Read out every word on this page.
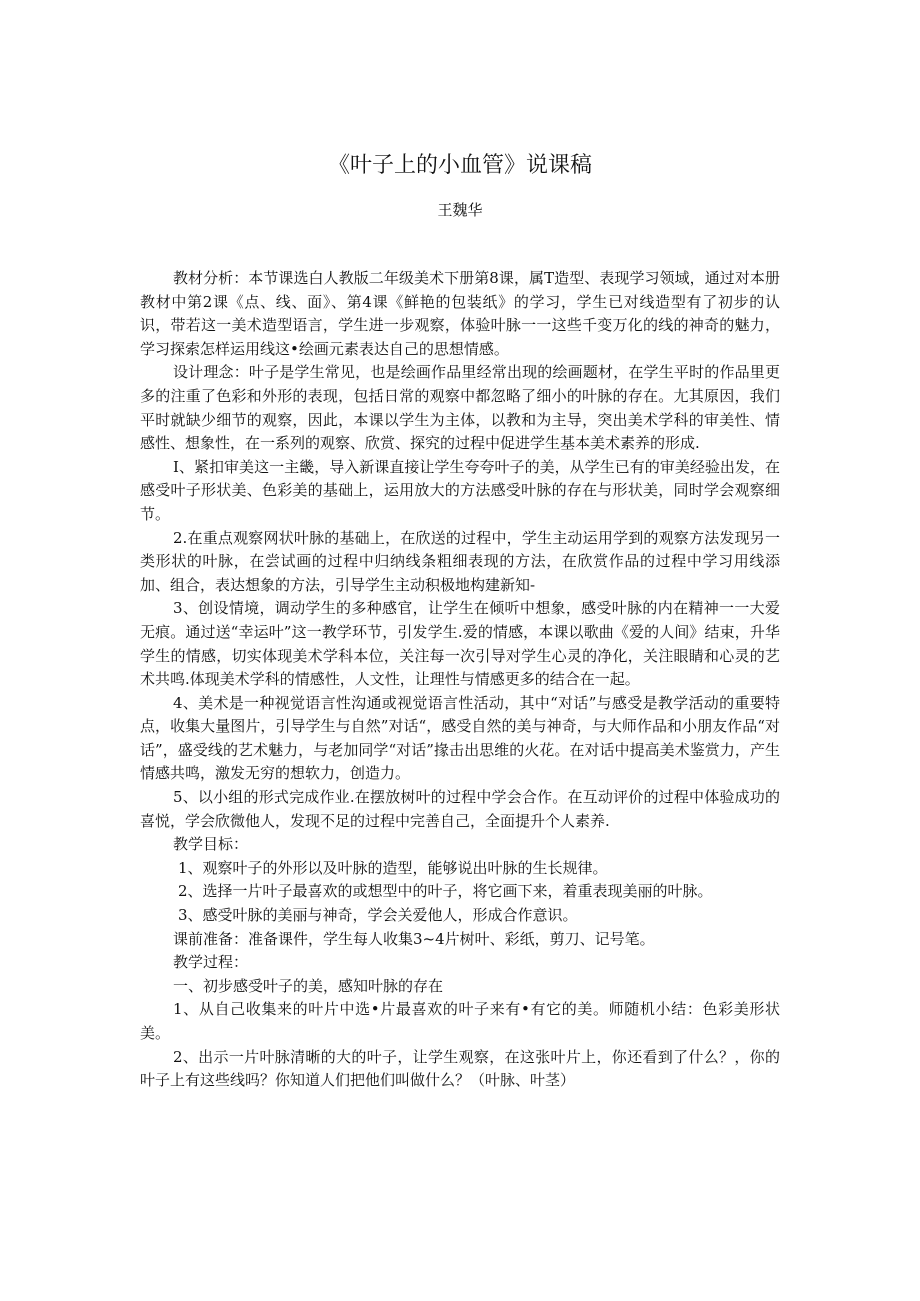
《叶子上的小血管》说课稿
王魏华

教材分析：本节课选白人教版二年级美术下册第8课，属T造型、表现学习领域，通过对本册教材中第2课《点、线、面》、第4课《鲜艳的包装纸》的学习，学生已对线造型有了初步的认识，带若这一美术造型语言，学生进一步观察，体验叶脉一一这些千变万化的线的神奇的魅力，学习探索怎样运用线这•绘画元素表达自己的思想情感。

设计理念：叶子是学生常见，也是绘画作品里经常出现的绘画题材，在学生平时的作品里更多的注重了色彩和外形的表现，包括日常的观察中都忽略了细小的叶脉的存在。尢其原因，我们平时就缺少细节的观察，因此，本课以学生为主体，以教和为主导，突出美术学科的审美性、情感性、想象性，在一系列的观察、欣赏、探究的过程中促进学生基本美术素养的形成.

I、紧扣审美这一主畿，导入新课直接让学生夸夸叶子的美，从学生已有的审美经验出发，在感受叶子形状美、色彩美的基础上，运用放大的方法感受叶脉的存在与形状美，同时学会观察细节。

2.在重点观察网状叶脉的基础上，在欣送的过程中，学生主动运用学到的观察方法发现另一类形状的叶脉，在尝试画的过程中归纳线条粗细表现的方法，在欣赏作品的过程中学习用线添加、组合，表达想象的方法，引导学生主动积极地构建新知-

3、创设情境，调动学生的多种感官，让学生在倾听中想象，感受叶脉的内在精神一一大爱无痕。通过送“幸运叶”这一教学环节，引发学生.爱的情感，本课以歌曲《爱的人间》结束，升华学生的情感，切实体现美术学科本位，关注每一次引导对学生心灵的净化，关注眼睛和心灵的艺术共鸣.体现美术学科的情感性，人文性，让理性与情感更多的结合在一起。

4、美术是一种视觉语言性沟通或视觉语言性活动，其中“对话”与感受是教学活动的重要特点，收集大量图片，引导学生与自然”对话“，感受自然的美与神奇，与大师作品和小朋友作品“对话”，盛受线的艺术魅力，与老加同学“对话”掾击出思维的火花。在对话中提高美术鉴赏力，产生情感共鸣，激发无穷的想软力，创造力。

5、以小组的形式完成作业.在摆放树叶的过程中学会合作。在互动评价的过程中体验成功的喜悦，学会欣微他人，发现不足的过程中完善自己，全面提升个人素养.

教学目标：

1、观察叶子的外形以及叶脉的造型，能够说出叶脉的生长规律。

2、选择一片叶子最喜欢的或想型中的叶子，将它画下来，着重表现美丽的叶脉。

3、感受叶脉的美丽与神奇，学会关爱他人，形成合作意识。

课前准备：准备课件，学生每人收集3~4片树叶、彩纸，剪刀、记号笔。

教学过程：

一、初步感受叶子的美，感知叶脉的存在

1、从自己收集来的叶片中选•片最喜欢的叶子来有•有它的美。师随机小结：色彩美形状美。

2、出示一片叶脉清晰的大的叶子，让学生观察，在这张叶片上，你还看到了什么？，你的叶子上有这些线吗？你知道人们把他们叫做什么？（叶脉、叶茎）
